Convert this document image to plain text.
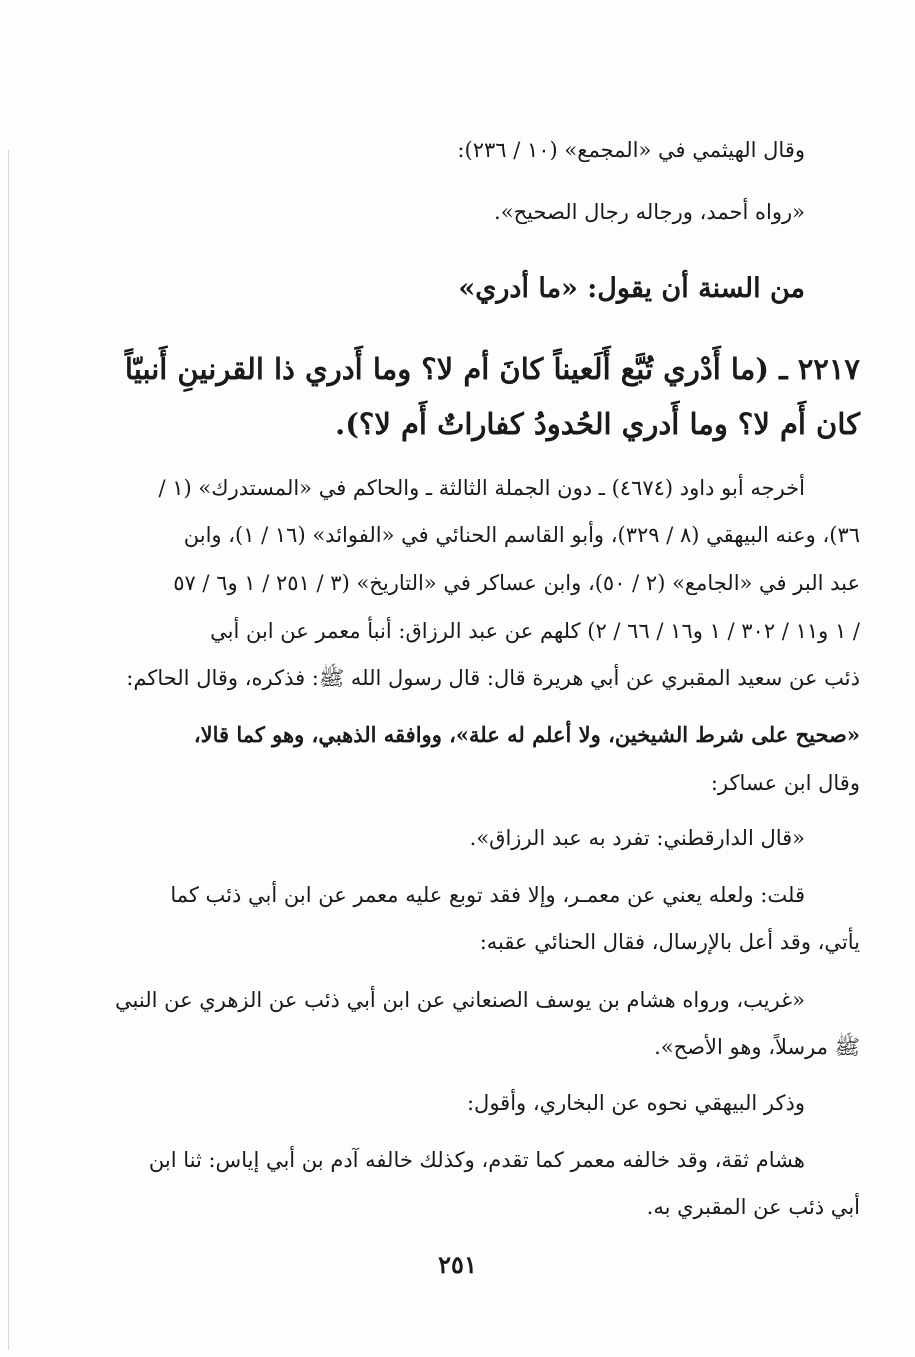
وقال الهيثمي في «المجمع» (١٠ / ٢٣٦):

«رواه أحمد، ورجاله رجال الصحيح».

من السنة أن يقول: «ما أدري»

٢٢١٧ ـ (ما أَدْري تُبَّع أَلَعيناً كانَ أم لا؟ وما أَدري ذا القرنينِ أَنبيّاً

كان أَم لا؟ وما أَدري الحُدودُ كفاراتٌ أَم لا؟).

أخرجه أبو داود (٤٦٧٤) ـ دون الجملة الثالثة ـ والحاكم في «المستدرك» (١ /

٣٦)، وعنه البيهقي (٨ / ٣٢٩)، وأبو القاسم الحنائي في «الفوائد» (١٦ / ١)، وابن

عبد البر في «الجامع» (٢ / ٥٠)، وابن عساكر في «التاريخ» (٣ / ٢٥١ / ١ و٦ / ٥٧

/ ١ و١١ / ٣٠٢ / ١ و١٦ / ٦٦ / ٢) كلهم عن عبد الرزاق: أنبأ معمر عن ابن أبي

ذئب عن سعيد المقبري عن أبي هريرة قال: قال رسول الله ﷺ: فذكره، وقال الحاكم:

«صحيح على شرط الشيخين، ولا أعلم له علة»، ووافقه الذهبي، وهو كما قالا،

وقال ابن عساكر:

«قال الدارقطني: تفرد به عبد الرزاق».

قلت: ولعله يعني عن معمـر، وإلا فقد توبع عليه معمر عن ابن أبي ذئب كما

يأتي، وقد أعل بالإرسال، فقال الحنائي عقبه:

«غريب، ورواه هشام بن يوسف الصنعاني عن ابن أبي ذئب عن الزهري عن النبي

ﷺ مرسلاً، وهو الأصح».

وذكر البيهقي نحوه عن البخاري، وأقول:

هشام ثقة، وقد خالفه معمر كما تقدم، وكذلك خالفه آدم بن أبي إياس: ثنا ابن

أبي ذئب عن المقبري به.

٢٥١
